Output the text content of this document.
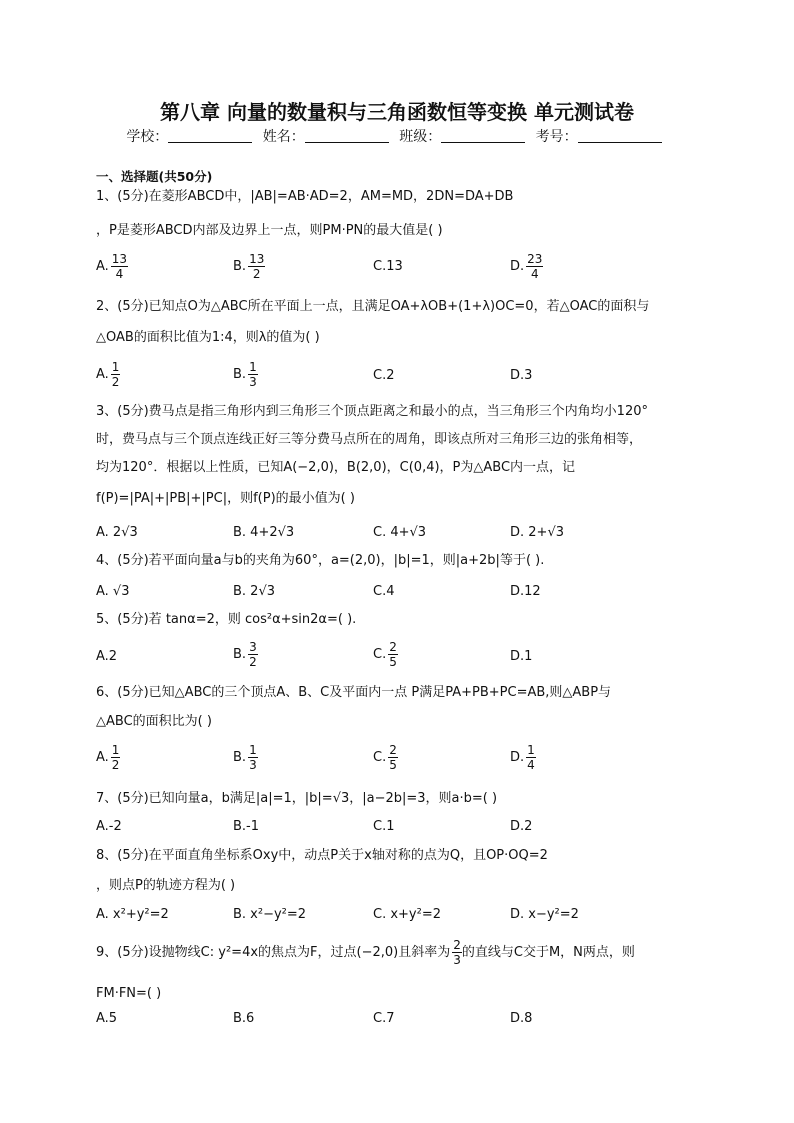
第八章 向量的数量积与三角函数恒等变换 单元测试卷
学校：	姓名：	班级：	考号：
一、选择题(共50分)
1、(5分)在菱形ABCD中，|AB|=AB·AD=2，AM=MD，2DN=DA+DB
，P是菱形ABCD内部及边界上一点，则PM·PN的最大值是( )
A. $\frac{13}{4}$	B. $\frac{13}{2}$	C.13	D. $\frac{23}{4}$
2、(5分)已知点O为△ABC所在平面上一点，且满足OA+λOB+(1+λ)OC=0，若△OAC的面积与
△OAB的面积比值为1:4，则λ的值为( )
A. $\frac{1}{2}$	B. $\frac{1}{3}$	C.2	D.3
3、(5分)费马点是指三角形内到三角形三个顶点距离之和最小的点，当三角形三个内角均小120°
时，费马点与三个顶点连线正好三等分费马点所在的周角，即该点所对三角形三边的张角相等，
均为120°．根据以上性质，已知A(−2,0)，B(2,0)，C(0,4)，P为△ABC内一点，记
f(P)=|PA|+|PB|+|PC|，则f(P)的最小值为( )
A. 2√3	B. 4+2√3	C. 4+√3	D. 2+√3
4、(5分)若平面向量a与b的夹角为60°，a=(2,0)，|b|=1，则|a+2b|等于( ).
A. √3	B. 2√3	C.4	D.12
5、(5分)若 tanα=2，则 cos²α+sin2α=( ).
A.2	B. $\frac{3}{2}$	C. $\frac{2}{5}$	D.1
6、(5分)已知△ABC的三个顶点A、B、C及平面内一点 P满足PA+PB+PC=AB,则△ABP与
△ABC的面积比为( )
A. $\frac{1}{2}$	B. $\frac{1}{3}$	C. $\frac{2}{5}$	D. $\frac{1}{4}$
7、(5分)已知向量a，b满足|a|=1，|b|=√3，|a−2b|=3，则a·b=( )
A.-2	B.-1	C.1	D.2
8、(5分)在平面直角坐标系Oxy中，动点P关于x轴对称的点为Q，且OP·OQ=2
，则点P的轨迹方程为( )
A. x²+y²=2	B. x²−y²=2	C. x+y²=2	D. x−y²=2
9、(5分)设抛物线C: y²=4x的焦点为F，过点(−2,0)且斜率为 $\frac{2}{3}$ 的直线与C交于M，N两点，则
FM·FN=( )
A.5	B.6	C.7	D.8
